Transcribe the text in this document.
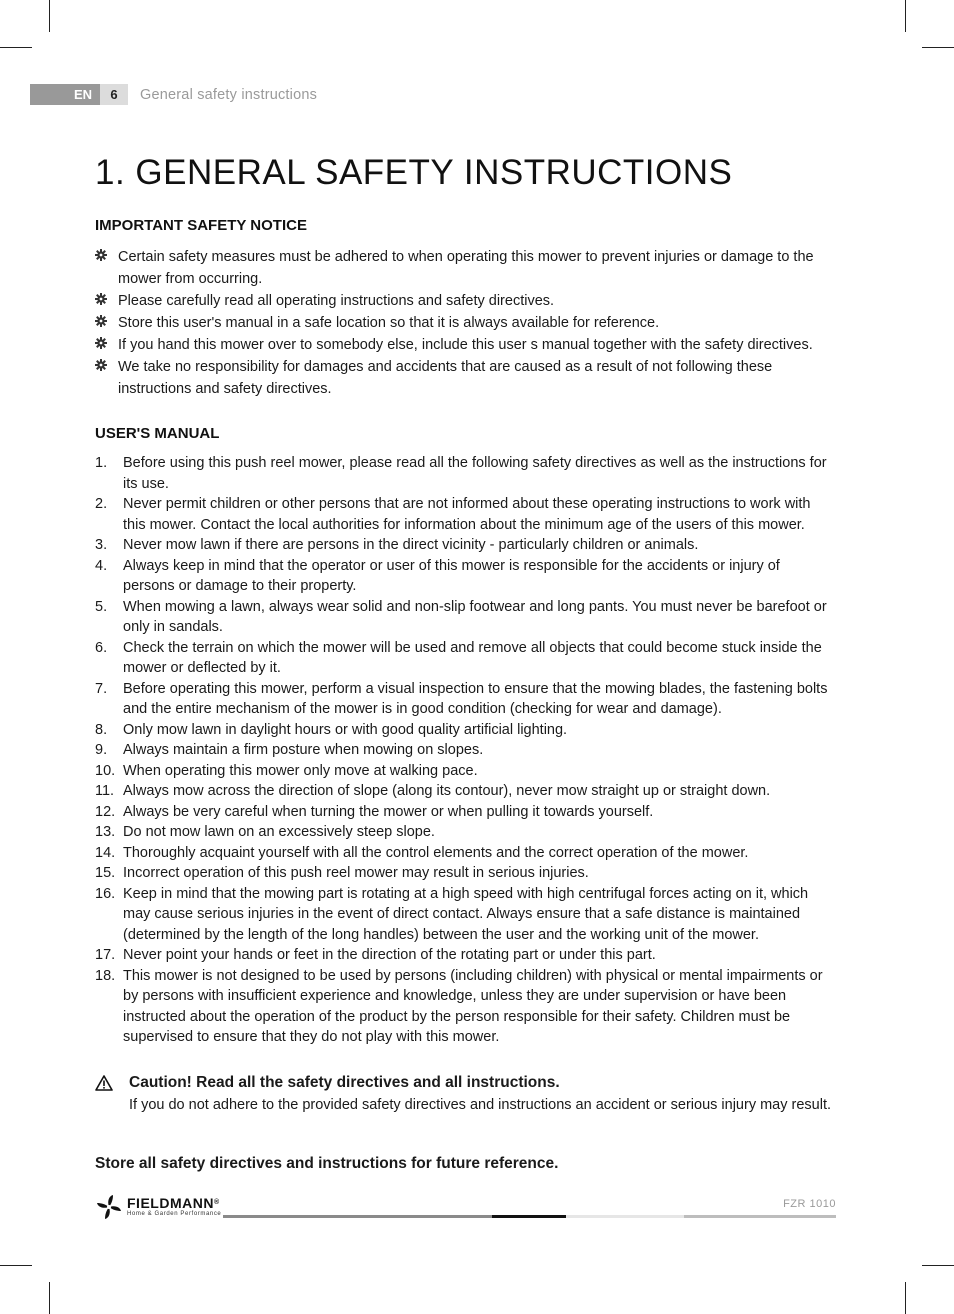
EN	6	General safety instructions
1. GENERAL SAFETY INSTRUCTIONS
IMPORTANT SAFETY NOTICE
Certain safety measures must be adhered to when operating this mower to prevent injuries or damage to the mower from occurring.
Please carefully read all operating instructions and safety directives.
Store this user's manual in a safe location so that it is always available for reference.
If you hand this mower over to somebody else, include this user s manual together with the safety directives.
We take no responsibility for damages and accidents that are caused as a result of not following these instructions and safety directives.
USER'S MANUAL
1.	Before using this push reel mower, please read all the following safety directives as well as the instructions for its use.
2.	Never permit children or other persons that are not informed about these operating instructions to work with this mower. Contact the local authorities for information about the minimum age of the users of this mower.
3.	Never mow lawn if there are persons in the direct vicinity - particularly children or animals.
4.	Always keep in mind that the operator or user of this mower is responsible for the accidents or injury of persons or damage to their property.
5.	When mowing a lawn, always wear solid and non-slip footwear and long pants. You must never be barefoot or only in sandals.
6.	Check the terrain on which the mower will be used and remove all objects that could become stuck inside the mower or deflected by it.
7.	Before operating this mower, perform a visual inspection to ensure that the mowing blades, the fastening bolts and the entire mechanism of the mower is in good condition (checking for wear and damage).
8.	Only mow lawn in daylight hours or with good quality artificial lighting.
9.	Always maintain a firm posture when mowing on slopes.
10. When operating this mower only move at walking pace.
11. Always mow across the direction of slope (along its contour), never mow straight up or straight down.
12. Always be very careful when turning the mower or when pulling it towards yourself.
13. Do not mow lawn on an excessively steep slope.
14. Thoroughly acquaint yourself with all the control elements and the correct operation of the mower.
15. Incorrect operation of this push reel mower may result in serious injuries.
16. Keep in mind that the mowing part is rotating at a high speed with high centrifugal forces acting on it, which may cause serious injuries in the event of direct contact. Always ensure that a safe distance is maintained (determined by the length of the long handles) between the user and the working unit of the mower.
17. Never point your hands or feet in the direction of the rotating part or under this part.
18. This mower is not designed to be used by persons (including children) with physical or mental impairments or by persons with insufficient experience and knowledge, unless they are under supervision or have been instructed about the operation of the product by the person responsible for their safety. Children must be supervised to ensure that they do not play with this mower.
Caution! Read all the safety directives and all instructions.
If you do not adhere to the provided safety directives and instructions an accident or serious injury may result.

Store all safety directives and instructions for future reference.

FIELDMANN®
Home & Garden Performance
FZR 1010
